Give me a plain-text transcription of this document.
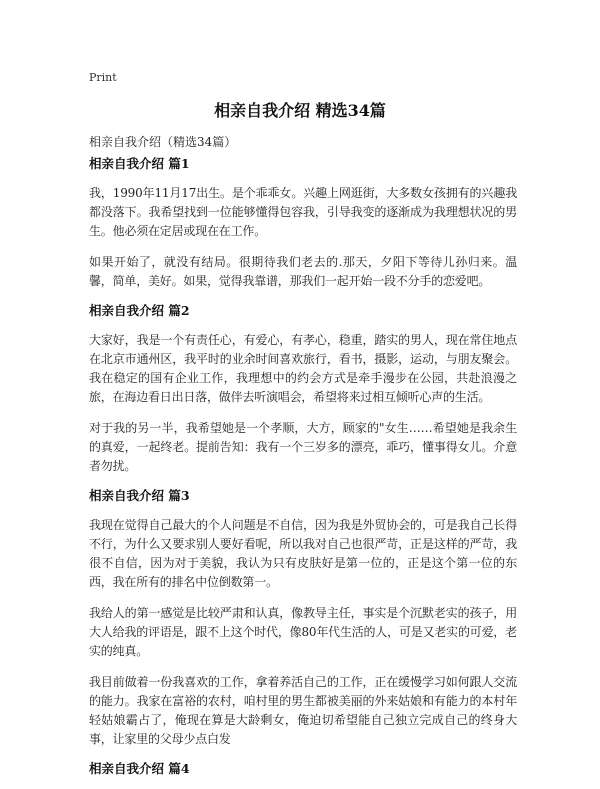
Print
相亲自我介绍 精选34篇
相亲自我介绍（精选34篇）
相亲自我介绍 篇1

我，1990年11月17出生。是个乖乖女。兴趣上网逛街，大多数女孩拥有的兴趣我都没落下。我希望找到一位能够懂得包容我，引导我变的逐渐成为我理想状况的男生。他必须在定居或现在在工作。

如果开始了，就没有结局。很期待我们老去的.那天，夕阳下等待儿孙归来。温馨，简单，美好。如果，觉得我靠谱，那我们一起开始一段不分手的恋爱吧。

相亲自我介绍 篇2

大家好，我是一个有责任心，有爱心，有孝心，稳重，踏实的男人，现在常住地点在北京市通州区，我平时的业余时间喜欢旅行，看书，摄影，运动，与朋友聚会。我在稳定的国有企业工作，我理想中的约会方式是牵手漫步在公园，共赴浪漫之旅，在海边看日出日落，做伴去听演唱会，希望将来过相互倾听心声的生活。

对于我的另一半，我希望她是一个孝顺，大方，顾家的"女生……希望她是我余生的真爱，一起终老。提前告知：我有一个三岁多的漂亮，乖巧，懂事得女儿。介意者勿扰。

相亲自我介绍 篇3

我现在觉得自己最大的个人问题是不自信，因为我是外贸协会的，可是我自己长得不行，为什么又要求别人要好看呢，所以我对自己也很严苛，正是这样的严苛，我很不自信，因为对于美貌，我认为只有皮肤好是第一位的，正是这个第一位的东西，我在所有的排名中位倒数第一。

我给人的第一感觉是比较严肃和认真，像教导主任，事实是个沉默老实的孩子，用大人给我的评语是，跟不上这个时代，像80年代生活的人，可是又老实的可爱，老实的纯真。

我目前做着一份我喜欢的工作，拿着养活自己的工作，正在缓慢学习如何跟人交流的能力。我家在富裕的农村，咱村里的男生都被美丽的外来姑娘和有能力的本村年轻姑娘霸占了，俺现在算是大龄剩女，俺迫切希望能自己独立完成自己的终身大事，让家里的父母少点白发

相亲自我介绍 篇4
